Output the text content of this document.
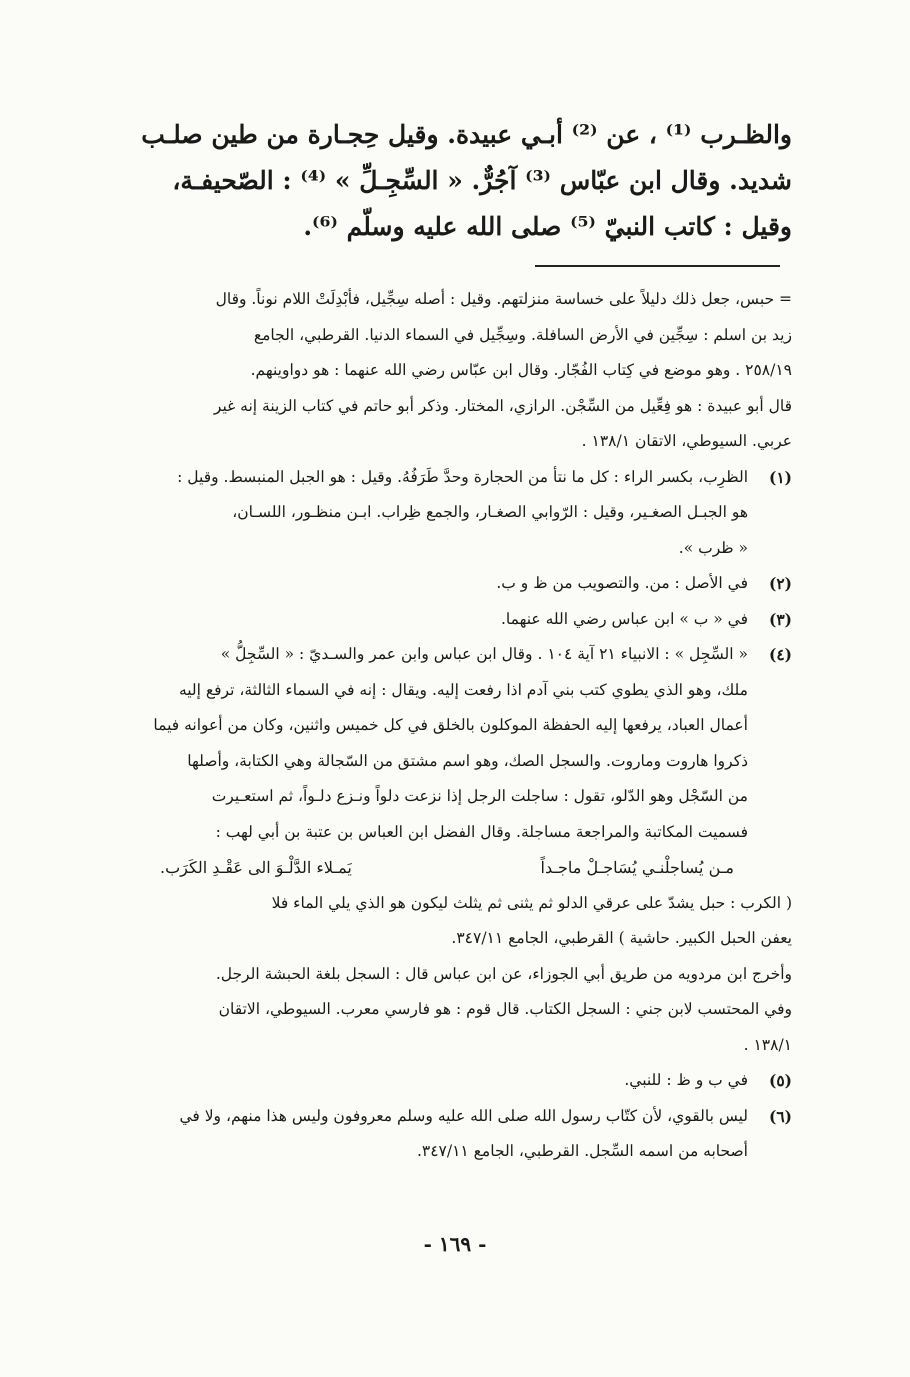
والظـرب ⁽¹⁾ ، عن ⁽²⁾ أبـي عبيدة. وقيل حِجـارة من طين صلـب

شديد. وقال ابن عبّاس ⁽³⁾ آجُرٌّ. « السِّجِـلِّ » ⁽⁴⁾ : الصّحيفـة،

وقيل : كاتب النبيّ ⁽⁵⁾ صلى الله عليه وسلّم ⁽⁶⁾.

= حبس، جعل ذلك دليلاً على خساسة منزلتهم. وقيل : أصله سِجِّيل، فأبْدِلَتْ اللام نوناً. وقال

زيد بن اسلم : سِجِّين في الأرض السافلة. وسِجِّيل في السماء الدنيا. القرطبي، الجامع

٢٥٨/١٩ . وهو موضع في كِتاب الفُجّار. وقال ابن عبّاس رضي الله عنهما : هو دواوينهم.

قال أبو عبيدة : هو فِعِّيل من السِّجْن. الرازي، المختار. وذكر أبو حاتم في كتاب الزينة إنه غير

عربي. السيوطي، الاتقان ١٣٨/١ .

(١)

الظرِب، بكسر الراء : كل ما نتأ من الحجارة وحدَّ طَرَفُهُ. وقيل : هو الجبل المنبسط. وقيل :

هو الجبـل الصغـير، وقيل : الرّوابي الصغـار، والجمع ظِراب. ابـن منظـور، اللسـان،

« ظرب ».

(٢)

في الأصل : من. والتصويب من ظ و ب.

(٣)

في « ب » ابن عباس رضي الله عنهما.

(٤)

« السِّجِل » : الانبياء ٢١ آية ١٠٤ . وقال ابن عباس وابن عمر والسـديّ : « السِّجِلُّ »

ملك، وهو الذي يطوي كتب بني آدم اذا رفعت إليه. ويقال : إنه في السماء الثالثة، ترفع إليه

أعمال العباد، يرفعها إليه الحفظة الموكلون بالخلق في كل خميس واثنين، وكان من أعوانه فيما

ذكروا هاروت وماروت. والسجل الصك، وهو اسم مشتق من السّجالة وهي الكتابة، وأصلها

من السّجْل وهو الدّلو، تقول : ساجلت الرجل إذا نزعت دلواً ونـزع دلـواً، ثم استعـيرت

فسميت المكاتبة والمراجعة مساجلة. وقال الفضل ابن العباس بن عتبة بن أبي لهب :

مـن يُساجلْنـي يُسَاجـلْ ماجـداً
يَمـلاء الدَّلْـوَ الى عَقْـدِ الكَرَب.

( الكرب : حبل يشدّ على عرقي الدلو ثم يثنى ثم يثلث ليكون هو الذي يلي الماء فلا

يعفن الحبل الكبير. حاشية ) القرطبي، الجامع ٣٤٧/١١.

وأخرج ابن مردويه من طريق أبي الجوزاء، عن ابن عباس قال : السجل بلغة الحبشة الرجل.

وفي المحتسب لابن جني : السجل الكتاب. قال قوم : هو فارسي معرب. السيوطي، الاتقان

١٣٨/١ .

(٥)

في ب و ظ : للنبي.

(٦)

ليس بالقوي، لأن كتّاب رسول الله صلى الله عليه وسلم معروفون وليس هذا منهم، ولا في

أصحابه من اسمه السِّجل. القرطبي، الجامع ٣٤٧/١١.

- ١٦٩ -
